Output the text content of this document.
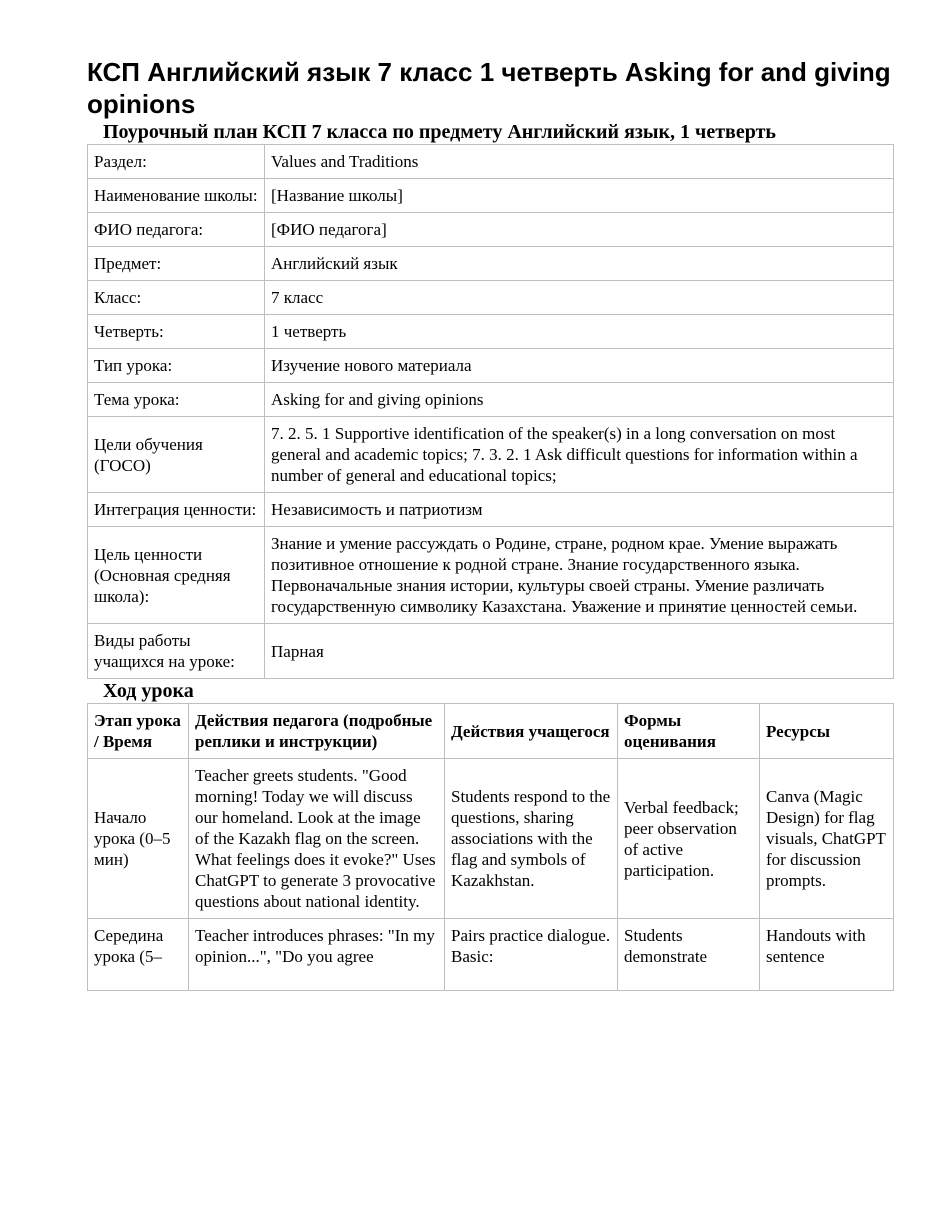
КСП Английский язык 7 класс 1 четверть Asking for and giving opinions
Поурочный план КСП 7 класса по предмету Английский язык, 1 четверть
Раздел:	Values and Traditions
Наименование школы:	[Название школы]
ФИО педагога:	[ФИО педагога]
Предмет:	Английский язык
Класс:	7 класс
Четверть:	1 четверть
Тип урока:	Изучение нового материала
Тема урока:	Asking for and giving opinions
Цели обучения (ГОСО)	7. 2. 5. 1 Supportive identification of the speaker(s) in a long conversation on most general and academic topics; 7. 3. 2. 1 Ask difficult questions for information within a number of general and educational topics;
Интеграция ценности:	Независимость и патриотизм
Цель ценности (Основная средняя школа):	Знание и умение рассуждать о Родине, стране, родном крае. Умение выражать позитивное отношение к родной стране. Знание государственного языка. Первоначальные знания истории, культуры своей страны. Умение различать государственную символику Казахстана. Уважение и принятие ценностей семьи.
Виды работы учащихся на уроке:	Парная
Ход урока
Этап урока / Время	Действия педагога (подробные реплики и инструкции)	Действия учащегося	Формы оценивания	Ресурсы
Начало урока (0–5 мин)	Teacher greets students. "Good morning! Today we will discuss our homeland. Look at the image of the Kazakh flag on the screen. What feelings does it evoke?" Uses ChatGPT to generate 3 provocative questions about national identity.	Students respond to the questions, sharing associations with the flag and symbols of Kazakhstan.	Verbal feedback; peer observation of active participation.	Canva (Magic Design) for flag visuals, ChatGPT for discussion prompts.

Середина урока (5–	Teacher introduces phrases: "In my opinion...", "Do you agree	Pairs practice dialogue. Basic:	Students demonstrate	Handouts with sentence
